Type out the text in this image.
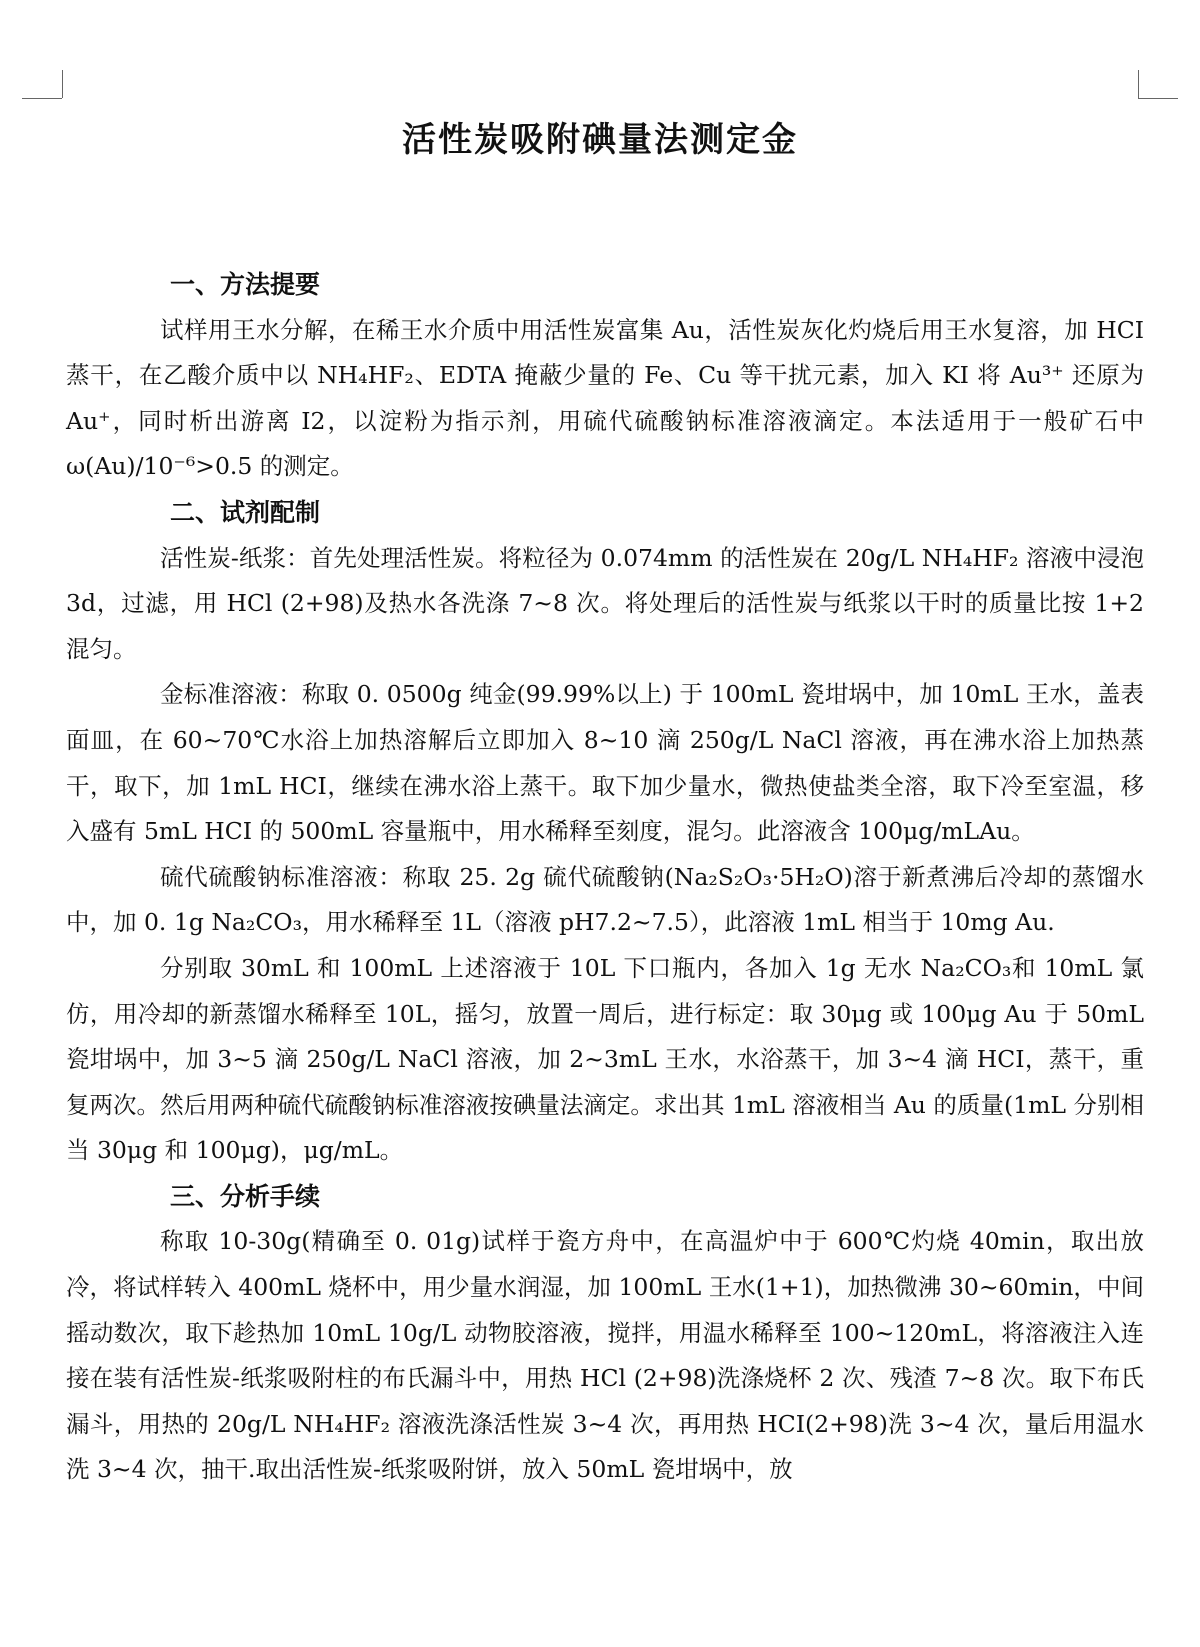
活性炭吸附碘量法测定金
一、方法提要

试样用王水分解，在稀王水介质中用活性炭富集 Au，活性炭灰化灼烧后用王水复溶，加 HCI 蒸干，在乙酸介质中以 NH₄HF₂、EDTA 掩蔽少量的 Fe、Cu 等干扰元素，加入 KI 将 Au³⁺ 还原为 Au⁺，同时析出游离 I2，以淀粉为指示剂，用硫代硫酸钠标准溶液滴定。本法适用于一般矿石中ω(Au)/10⁻⁶>0.5 的测定。

二、试剂配制

活性炭-纸浆：首先处理活性炭。将粒径为 0.074mm 的活性炭在 20g/L NH₄HF₂ 溶液中浸泡 3d，过滤，用 HCl (2+98)及热水各洗涤 7~8 次。将处理后的活性炭与纸浆以干时的质量比按 1+2 混匀。

金标准溶液：称取 0. 0500g 纯金(99.99%以上) 于 100mL 瓷坩埚中，加 10mL 王水，盖表面皿，在 60~70℃水浴上加热溶解后立即加入 8~10 滴 250g/L NaCl 溶液，再在沸水浴上加热蒸干，取下，加 1mL HCI，继续在沸水浴上蒸干。取下加少量水，微热使盐类全溶，取下冷至室温，移入盛有 5mL HCI 的 500mL 容量瓶中，用水稀释至刻度，混匀。此溶液含 100μg/mLAu。

硫代硫酸钠标准溶液：称取 25. 2g 硫代硫酸钠(Na₂S₂O₃·5H₂O)溶于新煮沸后冷却的蒸馏水中，加 0. 1g Na₂CO₃，用水稀释至 1L（溶液 pH7.2~7.5），此溶液 1mL 相当于 10mg Au.

分别取 30mL 和 100mL 上述溶液于 10L 下口瓶内，各加入 1g 无水 Na₂CO₃和 10mL 氯仿，用冷却的新蒸馏水稀释至 10L，摇匀，放置一周后，进行标定：取 30μg 或 100μg Au 于 50mL 瓷坩埚中，加 3~5 滴 250g/L NaCl 溶液，加 2~3mL 王水，水浴蒸干，加 3~4 滴 HCI，蒸干，重复两次。然后用两种硫代硫酸钠标准溶液按碘量法滴定。求出其 1mL 溶液相当 Au 的质量(1mL 分别相当 30μg 和 100μg)，μg/mL。

三、分析手续

称取 10-30g(精确至 0. 01g)试样于瓷方舟中，在高温炉中于 600℃灼烧 40min，取出放冷，将试样转入 400mL 烧杯中，用少量水润湿，加 100mL 王水(1+1)，加热微沸 30~60min，中间摇动数次，取下趁热加 10mL 10g/L 动物胶溶液，搅拌，用温水稀释至 100~120mL，将溶液注入连接在装有活性炭-纸浆吸附柱的布氏漏斗中，用热 HCl (2+98)洗涤烧杯 2 次、残渣 7~8 次。取下布氏漏斗，用热的 20g/L NH₄HF₂ 溶液洗涤活性炭 3~4 次，再用热 HCI(2+98)洗 3~4 次，量后用温水洗 3~4 次，抽干.取出活性炭-纸浆吸附饼，放入 50mL 瓷坩埚中，放
